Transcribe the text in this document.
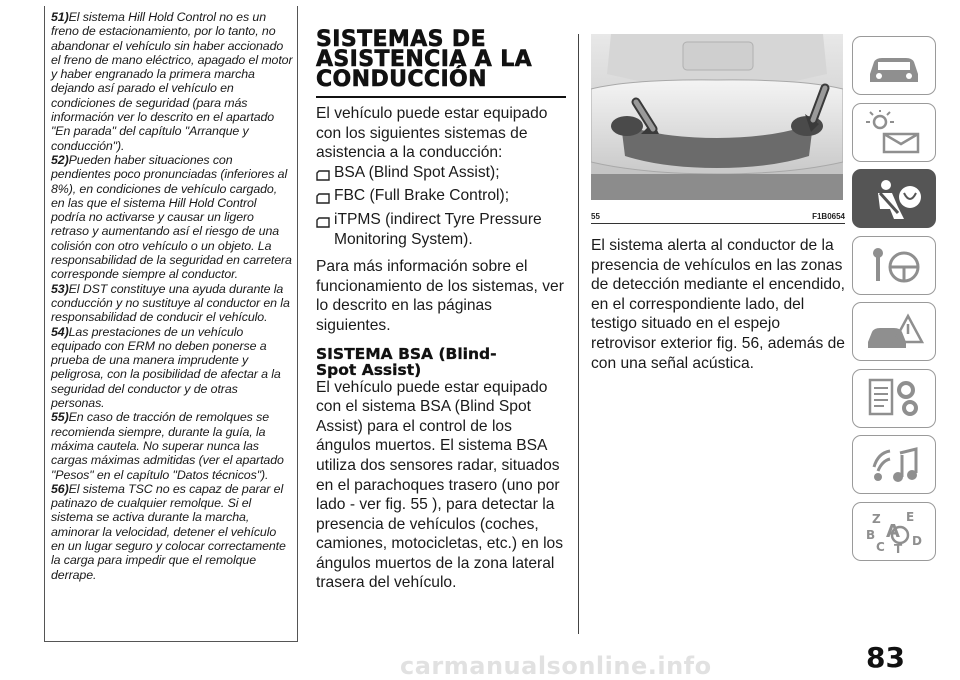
51)El sistema Hill Hold Control no es un freno de estacionamiento, por lo tanto, no abandonar el vehículo sin haber accionado el freno de mano eléctrico, apagado el motor y haber engranado la primera marcha dejando así parado el vehículo en condiciones de seguridad (para más información ver lo descrito en el apartado "En parada" del capítulo "Arranque y conducción").

52)Pueden haber situaciones con pendientes poco pronunciadas (inferiores al 8%), en condiciones de vehículo cargado, en las que el sistema Hill Hold Control podría no activarse y causar un ligero retraso y aumentando así el riesgo de una colisión con otro vehículo o un objeto. La responsabilidad de la seguridad en carretera corresponde siempre al conductor.

53)El DST constituye una ayuda durante la conducción y no sustituye al conductor en la responsabilidad de conducir el vehículo.

54)Las prestaciones de un vehículo equipado con ERM no deben ponerse a prueba de una manera imprudente y peligrosa, con la posibilidad de afectar a la seguridad del conductor y de otras personas.

55)En caso de tracción de remolques se recomienda siempre, durante la guía, la máxima cautela. No superar nunca las cargas máximas admitidas (ver el apartado "Pesos" en el capítulo "Datos técnicos").

56)El sistema TSC no es capaz de parar el patinazo de cualquier remolque. Si el sistema se activa durante la marcha, aminorar la velocidad, detener el vehículo en un lugar seguro y colocar correctamente la carga para impedir que el remolque derrape.

SISTEMAS DE
ASISTENCIA A LA
CONDUCCIÓN

El vehículo puede estar equipado con los siguientes sistemas de asistencia a la conducción:

BSA (Blind Spot Assist);
FBC (Full Brake Control);
iTPMS (indirect Tyre Pressure Monitoring System).

Para más información sobre el funcionamiento de los sistemas, ver lo descrito en las páginas siguientes.

SISTEMA BSA (Blind-
Spot Assist)

El vehículo puede estar equipado con el sistema BSA (Blind Spot Assist) para el control de los ángulos muertos. El sistema BSA utiliza dos sensores radar, situados en el parachoques trasero (uno por lado - ver fig. 55 ), para detectar la presencia de vehículos (coches, camiones, motocicletas, etc.) en los ángulos muertos de la zona lateral trasera del vehículo.

55	F1B0654

El sistema alerta al conductor de la presencia de vehículos en las zonas de detección mediante el encendido, en el correspondiente lado, del testigo situado en el espejo retrovisor exterior fig. 56, además de con una señal acústica.

Z E
B A
C T
D
83
carmanualsonline.info
